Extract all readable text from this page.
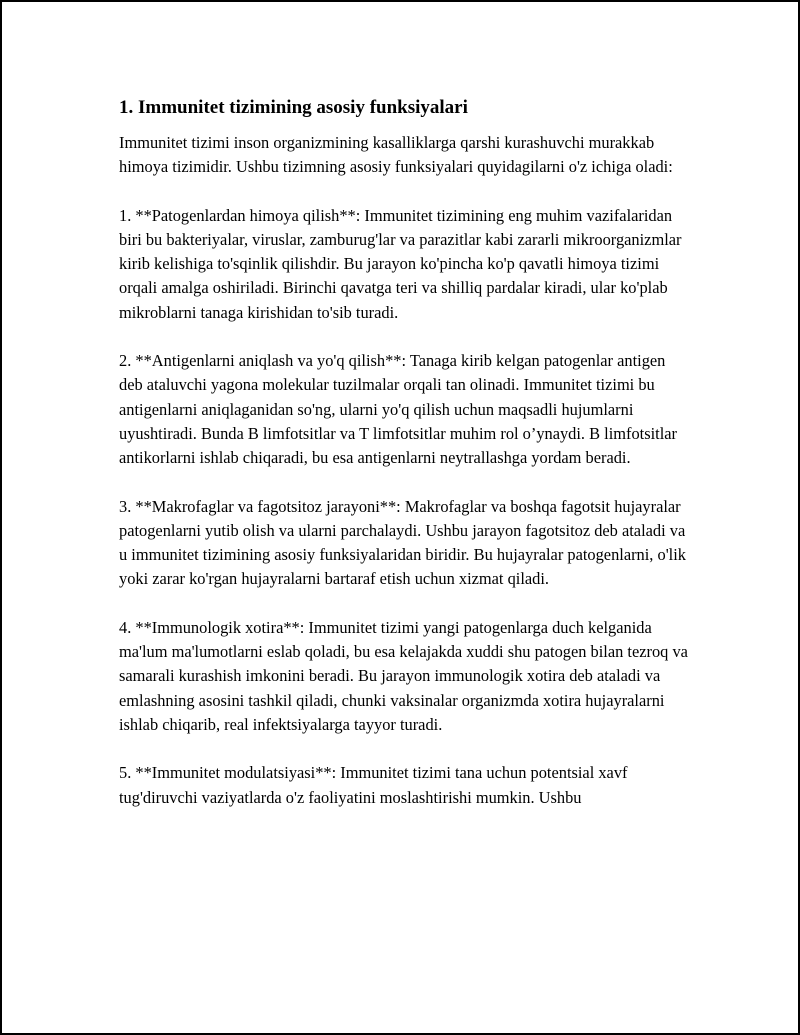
1. Immunitet tizimining asosiy funksiyalari

Immunitet tizimi inson organizmining kasalliklarga qarshi kurashuvchi murakkab himoya tizimidir. Ushbu tizimning asosiy funksiyalari quyidagilarni o'z ichiga oladi:

1. **Patogenlardan himoya qilish**: Immunitet tizimining eng muhim vazifalaridan biri bu bakteriyalar, viruslar, zamburug'lar va parazitlar kabi zararli mikroorganizmlar kirib kelishiga to'sqinlik qilishdir. Bu jarayon ko'pincha ko'p qavatli himoya tizimi orqali amalga oshiriladi. Birinchi qavatga teri va shilliq pardalar kiradi, ular ko'plab mikroblarni tanaga kirishidan to'sib turadi.

2. **Antigenlarni aniqlash va yo'q qilish**: Tanaga kirib kelgan patogenlar antigen deb ataluvchi yagona molekular tuzilmalar orqali tan olinadi. Immunitet tizimi bu antigenlarni aniqlaganidan so'ng, ularni yo'q qilish uchun maqsadli hujumlarni uyushtiradi. Bunda B limfotsitlar va T limfotsitlar muhim rol o’ynaydi. B limfotsitlar antikorlarni ishlab chiqaradi, bu esa antigenlarni neytrallashga yordam beradi.

3. **Makrofaglar va fagotsitoz jarayoni**: Makrofaglar va boshqa fagotsit hujayralar patogenlarni yutib olish va ularni parchalaydi. Ushbu jarayon fagotsitoz deb ataladi va u immunitet tizimining asosiy funksiyalaridan biridir. Bu hujayralar patogenlarni, o'lik yoki zarar ko'rgan hujayralarni bartaraf etish uchun xizmat qiladi.

4. **Immunologik xotira**: Immunitet tizimi yangi patogenlarga duch kelganida ma'lum ma'lumotlarni eslab qoladi, bu esa kelajakda xuddi shu patogen bilan tezroq va samarali kurashish imkonini beradi. Bu jarayon immunologik xotira deb ataladi va emlashning asosini tashkil qiladi, chunki vaksinalar organizmda xotira hujayralarni ishlab chiqarib, real infektsiyalarga tayyor turadi.

5. **Immunitet modulatsiyasi**: Immunitet tizimi tana uchun potentsial xavf tug'diruvchi vaziyatlarda o'z faoliyatini moslashtirishi mumkin. Ushbu
